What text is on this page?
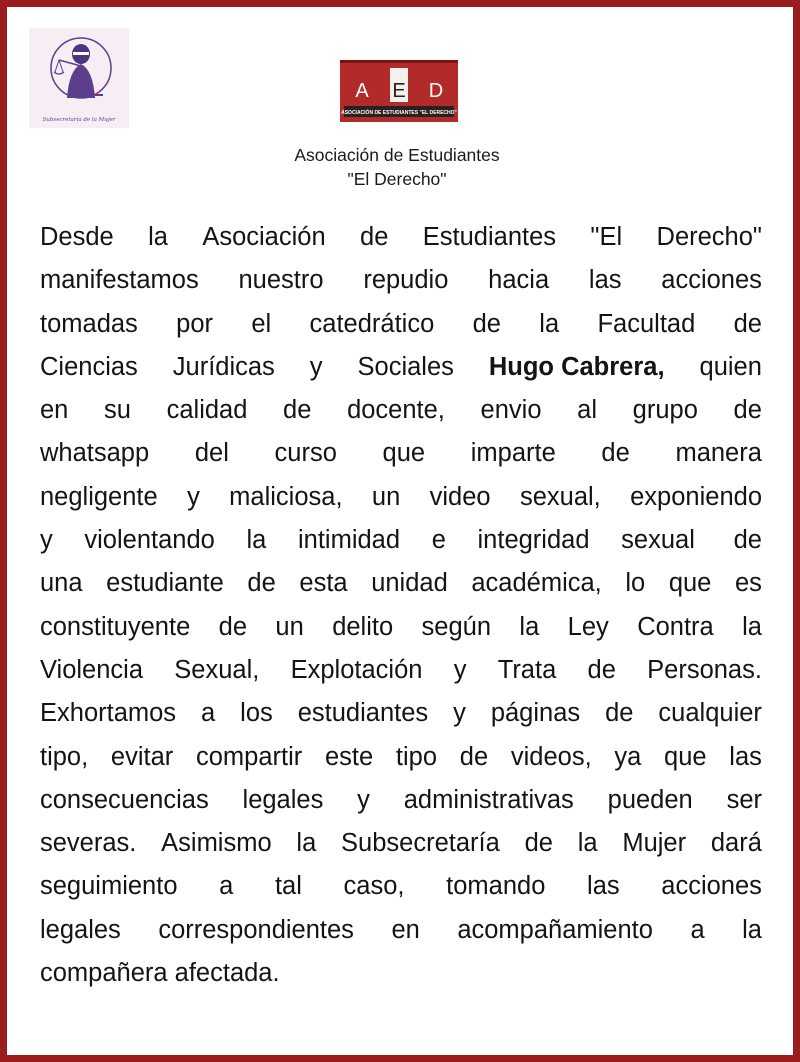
Subsecretaría de la Mujer
A E D
ASOCIACIÓN DE ESTUDIANTES "EL DERECHO"
Asociación de Estudiantes
"El Derecho"
Desde la Asociación de Estudiantes "El Derecho"
manifestamos nuestro repudio hacia las acciones
tomadas por el catedrático de la Facultad de
Ciencias Jurídicas y Sociales Hugo Cabrera, quien
en su calidad de docente, envio al grupo de
whatsapp del curso que imparte de manera
negligente y maliciosa, un video sexual, exponiendo
y violentando la intimidad e integridad sexual de
una estudiante de esta unidad académica, lo que es
constituyente de un delito según la Ley Contra la
Violencia Sexual, Explotación y Trata de Personas.
Exhortamos a los estudiantes y páginas de cualquier
tipo, evitar compartir este tipo de videos, ya que las
consecuencias legales y administrativas pueden ser
severas. Asimismo la Subsecretaría de la Mujer dará
seguimiento a tal caso, tomando las acciones
legales correspondientes en acompañamiento a la
compañera afectada.
